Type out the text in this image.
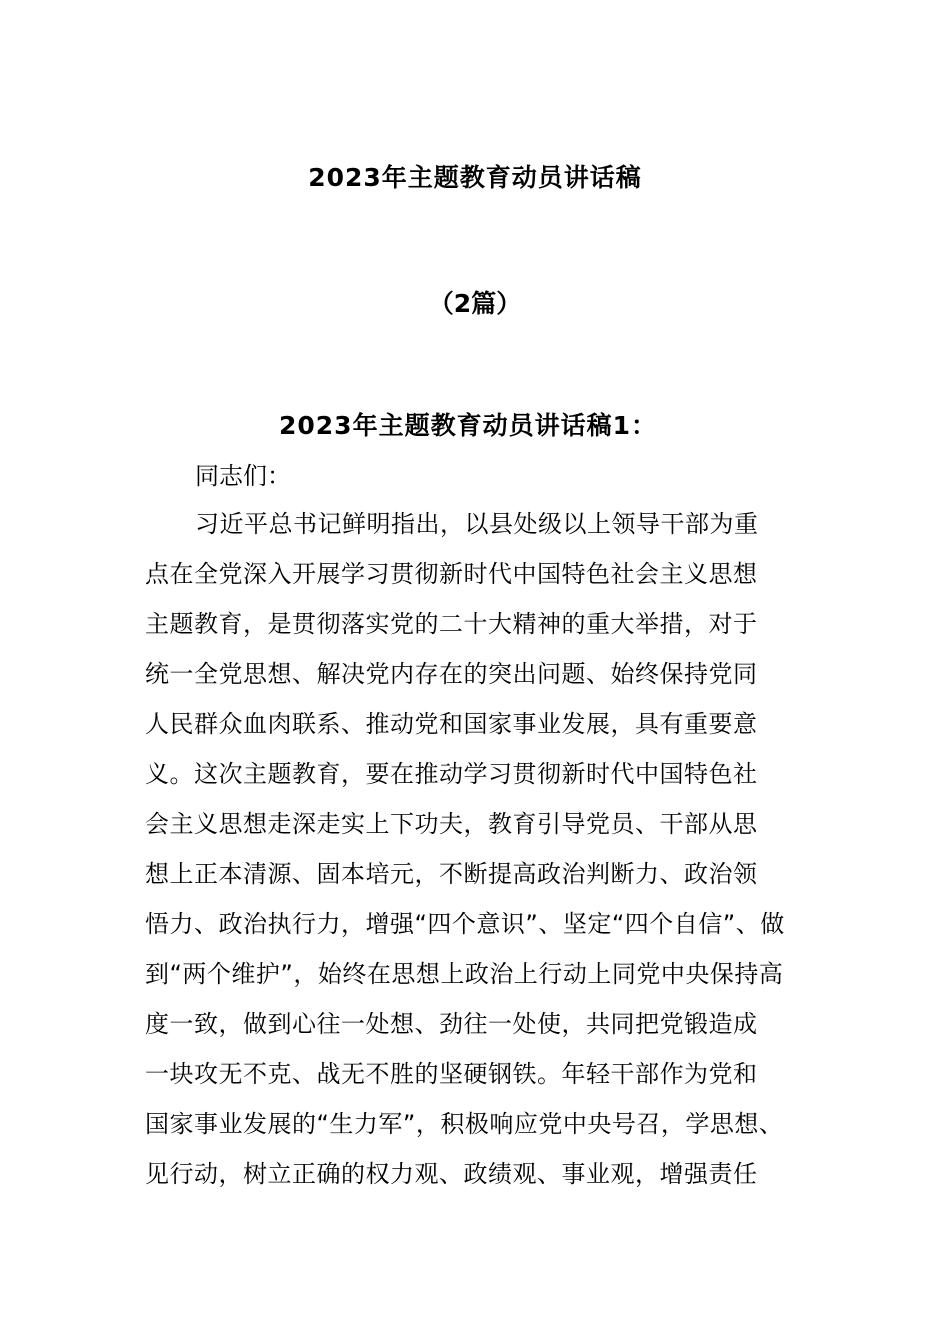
2023年主题教育动员讲话稿
（2篇）
2023年主题教育动员讲话稿1：
同志们：
习近平总书记鲜明指出，以县处级以上领导干部为重
点在全党深入开展学习贯彻新时代中国特色社会主义思想
主题教育，是贯彻落实党的二十大精神的重大举措，对于
统一全党思想、解决党内存在的突出问题、始终保持党同
人民群众血肉联系、推动党和国家事业发展，具有重要意
义。这次主题教育，要在推动学习贯彻新时代中国特色社
会主义思想走深走实上下功夫，教育引导党员、干部从思
想上正本清源、固本培元，不断提高政治判断力、政治领
悟力、政治执行力，增强“四个意识”、坚定“四个自信”、做
到“两个维护”，始终在思想上政治上行动上同党中央保持高
度一致，做到心往一处想、劲往一处使，共同把党锻造成
一块攻无不克、战无不胜的坚硬钢铁。年轻干部作为党和
国家事业发展的“生力军”，积极响应党中央号召，学思想、
见行动，树立正确的权力观、政绩观、事业观，增强责任
